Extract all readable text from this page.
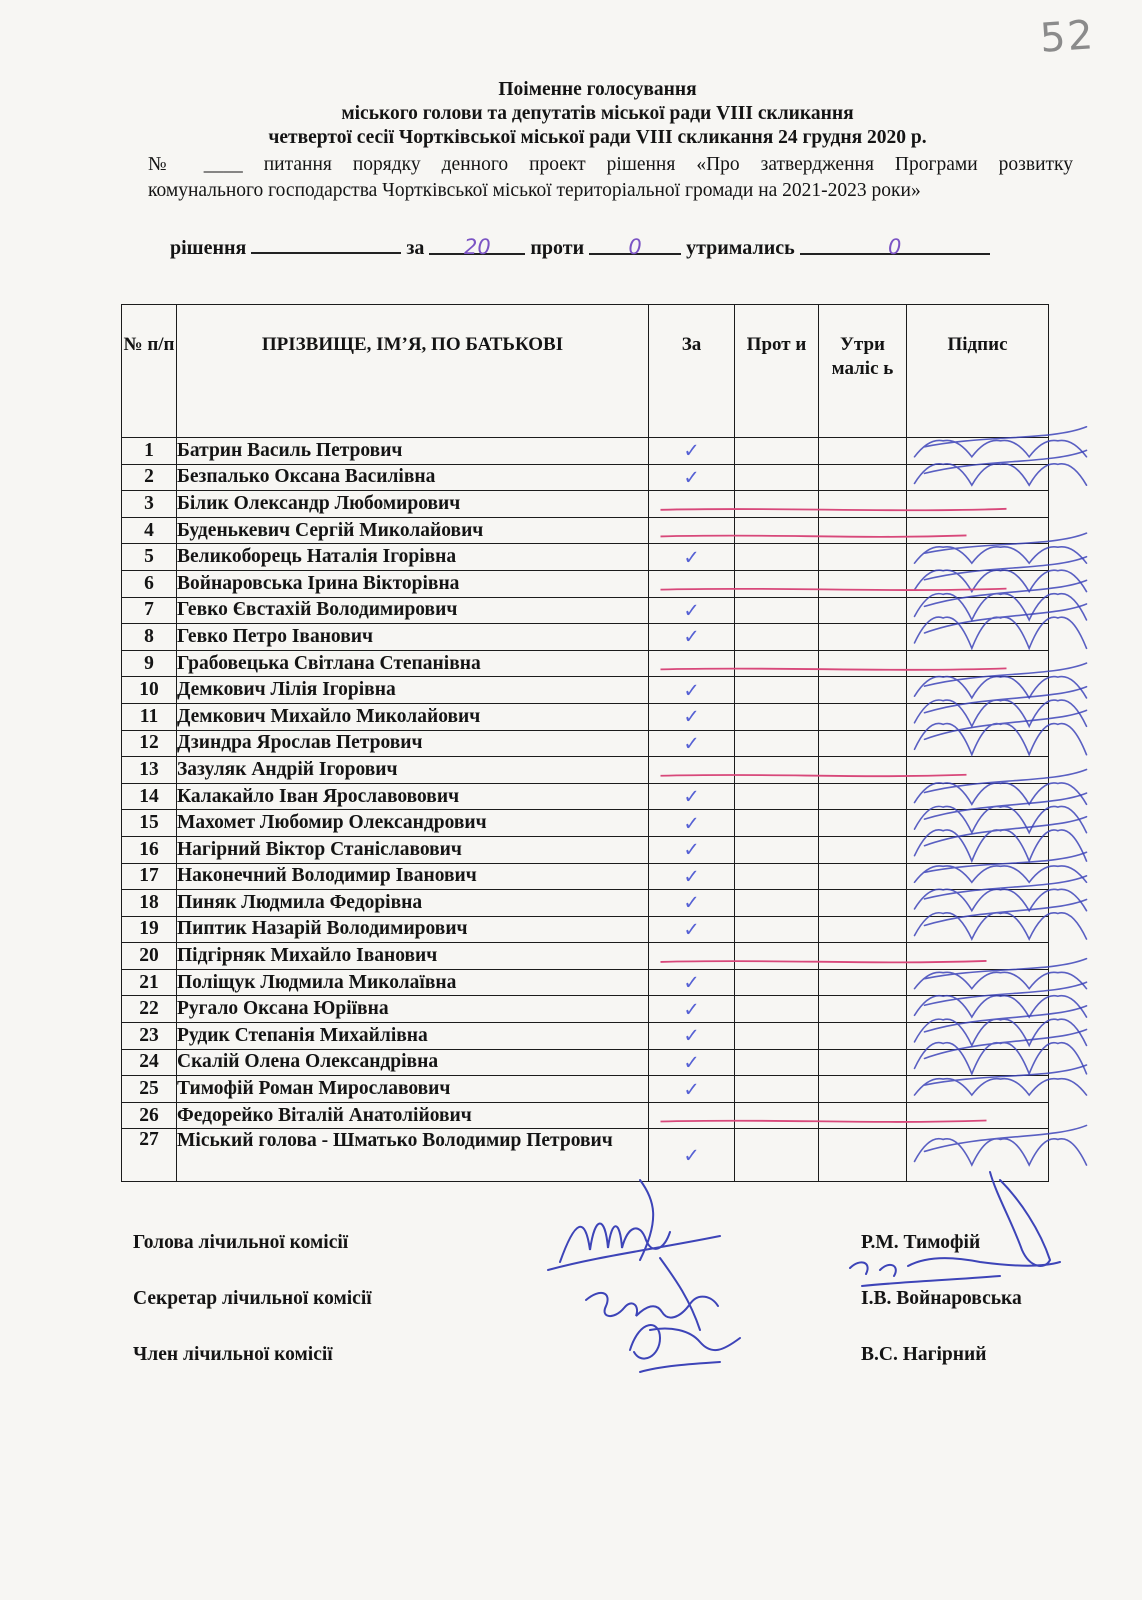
52
Поіменне голосування
міського голови та депутатів міської ради VIII скликання
четвертої сесії Чортківської міської ради VIII скликання 24 грудня 2020 р.
№ ____ питання порядку денного проект рішення «Про затвердження Програми розвитку
комунального господарства Чортківської міської територіальної громади на 2021-2023 роки»
рішення	за 20 проти 0 утримались	0
№ п/п	ПРІЗВИЩЕ, ІМ’Я, ПО БАТЬКОВІ	За	Прот и	Утри маліс ь	Підпис
1	Батрин Василь Петрович	✓			
2	Безпалько Оксана Василівна	✓			
3	Білик Олександр Любомирович				
4	Буденькевич Сергій Миколайович				
5	Великоборець Наталія Ігорівна	✓			
6	Войнаровська Ірина Вікторівна				
7	Гевко Євстахій Володимирович	✓			
8	Гевко Петро Іванович	✓			
9	Грабовецька Світлана Степанівна				
10	Демкович Лілія Ігорівна	✓			
11	Демкович Михайло Миколайович	✓			
12	Дзиндра Ярослав Петрович	✓			
13	Зазуляк Андрій Ігорович				
14	Калакайло Іван Ярославовович	✓			
15	Махомет Любомир Олександрович	✓			
16	Нагірний Віктор Станіславович	✓			
17	Наконечний Володимир Іванович	✓			
18	Пиняк Людмила Федорівна	✓			
19	Пиптик Назарій Володимирович	✓			
20	Підгірняк Михайло Іванович				
21	Поліщук Людмила Миколаївна	✓			
22	Ругало Оксана Юріївна	✓			
23	Рудик Степанія Михайлівна	✓			
24	Скалій Олена Олександрівна	✓			
25	Тимофій Роман Мирославович	✓			
26	Федорейко Віталій Анатолійович				
27	Міський голова - Шматько Володимир Петрович	✓			
Голова лічильної комісії	Р.М. Тимофій
Секретар лічильної комісії	І.В. Войнаровська
Член лічильної комісії	В.С. Нагірний
